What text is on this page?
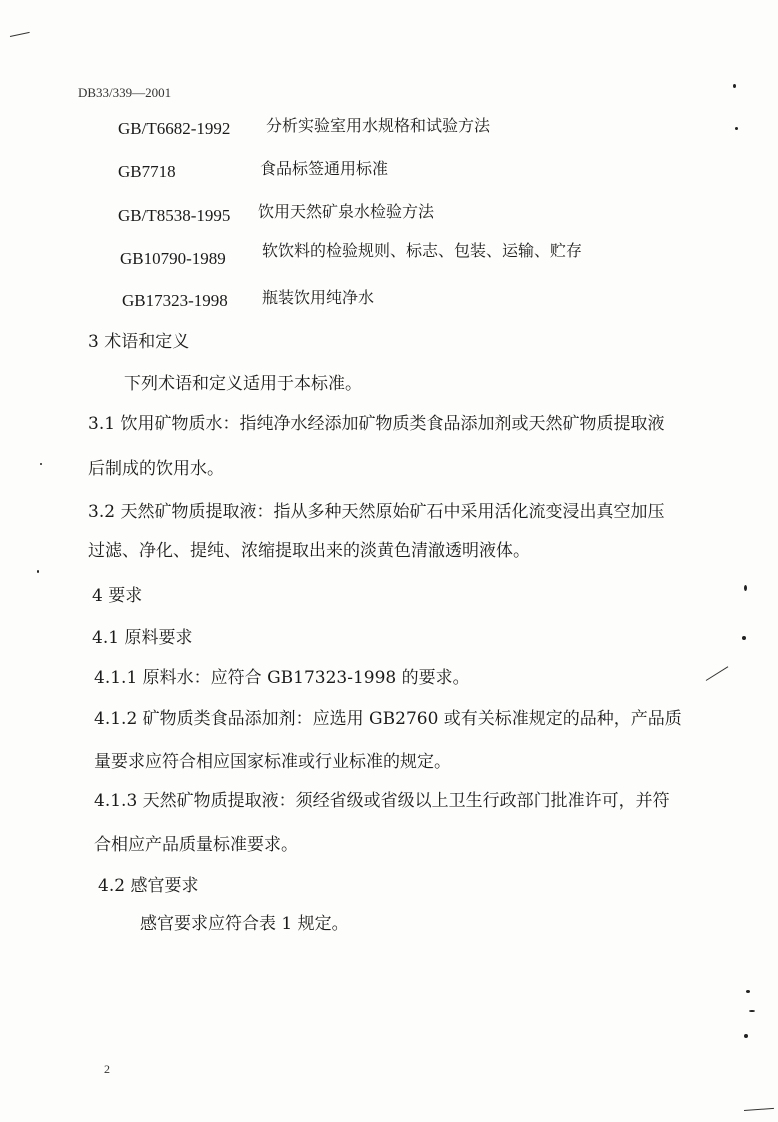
DB33/339—2001
GB/T6682-1992 分析实验室用水规格和试验方法
GB7718	食品标签通用标准
GB/T8538-1995 饮用天然矿泉水检验方法
GB10790-1989 软饮料的检验规则、标志、包装、运输、贮存
GB17323-1998 瓶装饮用纯净水
3 术语和定义
下列术语和定义适用于本标准。
3.1 饮用矿物质水：指纯净水经添加矿物质类食品添加剂或天然矿物质提取液
后制成的饮用水。
3.2 天然矿物质提取液：指从多种天然原始矿石中采用活化流变浸出真空加压
过滤、净化、提纯、浓缩提取出来的淡黄色清澈透明液体。
4 要求
4.1 原料要求
4.1.1 原料水：应符合 GB17323-1998 的要求。
4.1.2 矿物质类食品添加剂：应选用 GB2760 或有关标准规定的品种，产品质
量要求应符合相应国家标准或行业标准的规定。
4.1.3 天然矿物质提取液：须经省级或省级以上卫生行政部门批准许可，并符
合相应产品质量标准要求。
4.2 感官要求
感官要求应符合表 1 规定。
2
